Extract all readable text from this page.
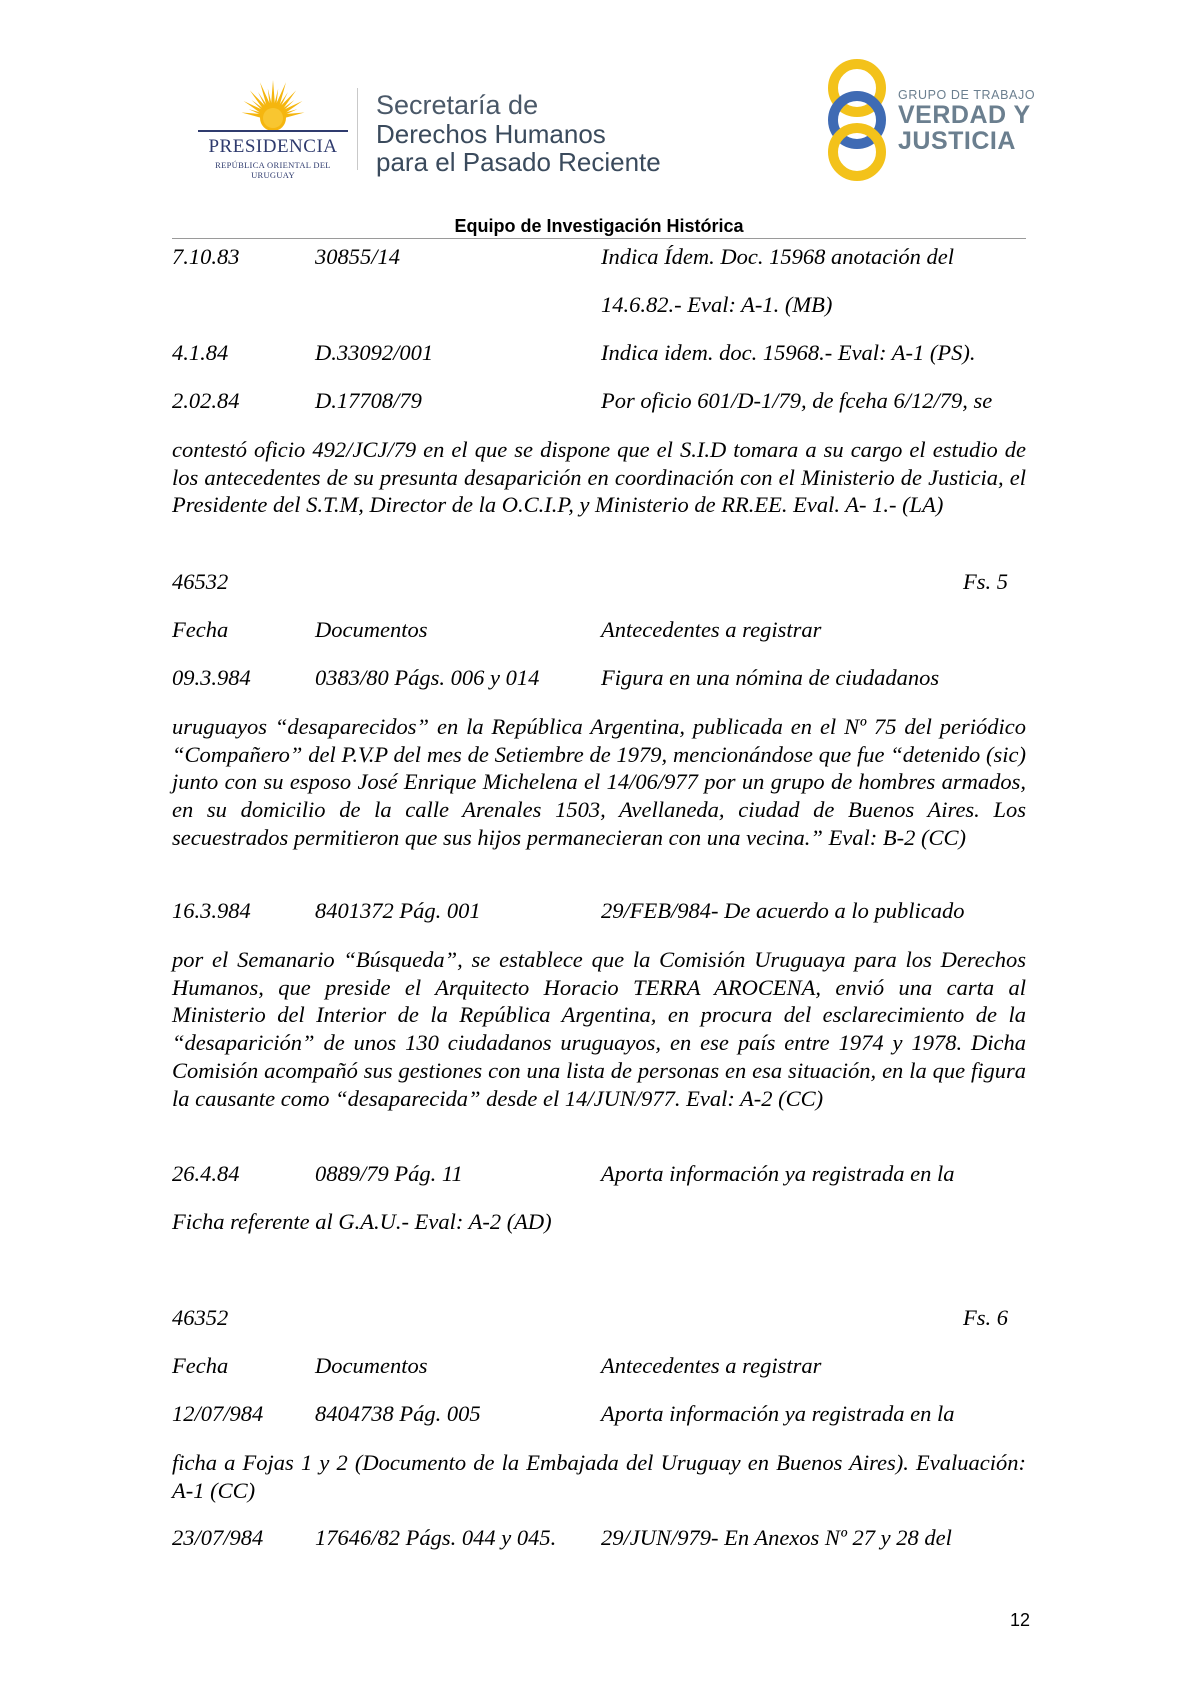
PRESIDENCIA
REPÚBLICA ORIENTAL DEL URUGUAY
Secretaría de
Derechos Humanos
para el Pasado Reciente
GRUPO DE TRABAJO
VERDAD Y
JUSTICIA
Equipo de Investigación Histórica
7.10.83	30855/14	Indica Ídem. Doc. 15968 anotación del
14.6.82.- Eval: A-1. (MB)
4.1.84	D.33092/001	Indica idem. doc. 15968.- Eval: A-1 (PS).
2.02.84	D.17708/79	Por oficio 601/D-1/79, de fceha 6/12/79, se
contestó oficio 492/JCJ/79 en el que se dispone que el S.I.D tomara a su cargo el estudio de los antecedentes de su presunta desaparición en coordinación con el Ministerio de Justicia, el Presidente del S.T.M, Director de la O.C.I.P, y Ministerio de RR.EE. Eval. A- 1.- (LA)
46532	Fs. 5
Fecha	Documentos	Antecedentes a registrar
09.3.984	0383/80 Págs. 006 y 014	Figura en una nómina de ciudadanos
uruguayos “desaparecidos” en la República Argentina, publicada en el Nº 75 del periódico “Compañero” del P.V.P del mes de Setiembre de 1979, mencionándose que fue “detenido (sic) junto con su esposo José Enrique Michelena el 14/06/977 por un grupo de hombres armados, en su domicilio de la calle Arenales 1503, Avellaneda, ciudad de Buenos Aires. Los secuestrados permitieron que sus hijos permanecieran con una vecina.” Eval: B-2 (CC)
16.3.984	8401372 Pág. 001	29/FEB/984- De acuerdo a lo publicado
por el Semanario “Búsqueda”, se establece que la Comisión Uruguaya para los Derechos Humanos, que preside el Arquitecto Horacio TERRA AROCENA, envió una carta al Ministerio del Interior de la República Argentina, en procura del esclarecimiento de la “desaparición” de unos 130 ciudadanos uruguayos, en ese país entre 1974 y 1978. Dicha Comisión acompañó sus gestiones con una lista de personas en esa situación, en la que figura la causante como “desaparecida” desde el 14/JUN/977. Eval: A-2 (CC)
26.4.84	0889/79 Pág. 11	Aporta información ya registrada en la
Ficha referente al G.A.U.- Eval: A-2 (AD)
46352	Fs. 6
Fecha	Documentos	Antecedentes a registrar
12/07/984 8404738 Pág. 005	Aporta información ya registrada en la
ficha a Fojas 1 y 2 (Documento de la Embajada del Uruguay en Buenos Aires). Evaluación: A-1 (CC)
23/07/984 17646/82 Págs. 044 y 045. 29/JUN/979- En Anexos Nº 27 y 28 del
12
